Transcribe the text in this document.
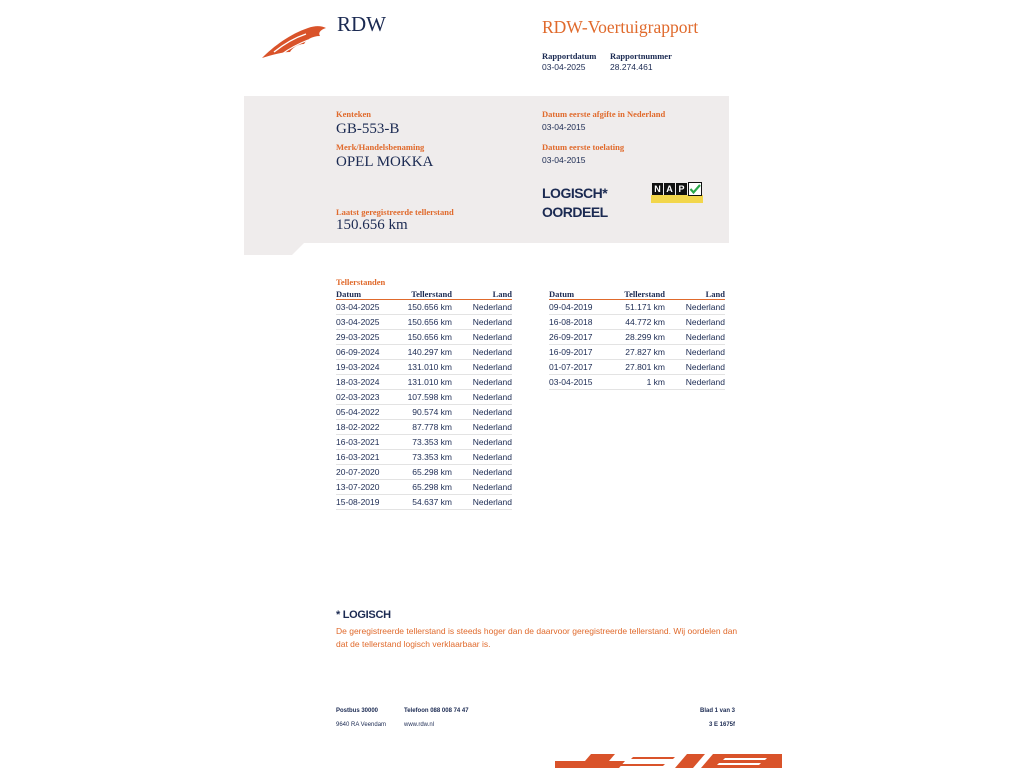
RDW	RDW-Voertuigrapport
Rapportdatum
03-04-2025
Rapportnummer
28.274.461
Kenteken
GB-553-B
Merk/Handelsbenaming
OPEL MOKKA
Laatst geregistreerde tellerstand
150.656 km
Datum eerste afgifte in Nederland
03-04-2015
Datum eerste toelating
03-04-2015
LOGISCH*
OORDEEL
N A P
Tellerstanden
Datum	Tellerstand	Land
03-04-2025	150.656 km	Nederland
03-04-2025	150.656 km	Nederland
29-03-2025	150.656 km	Nederland
06-09-2024	140.297 km	Nederland
19-03-2024	131.010 km	Nederland
18-03-2024	131.010 km	Nederland
02-03-2023	107.598 km	Nederland
05-04-2022	90.574 km	Nederland
18-02-2022	87.778 km	Nederland
16-03-2021	73.353 km	Nederland
16-03-2021	73.353 km	Nederland
20-07-2020	65.298 km	Nederland
13-07-2020	65.298 km	Nederland
15-08-2019	54.637 km	Nederland
Datum	Tellerstand	Land
09-04-2019	51.171 km	Nederland
16-08-2018	44.772 km	Nederland
26-09-2017	28.299 km	Nederland
16-09-2017	27.827 km	Nederland
01-07-2017	27.801 km	Nederland
03-04-2015	1 km	Nederland
* LOGISCH
De geregistreerde tellerstand is steeds hoger dan de daarvoor geregistreerde tellerstand. Wij oordelen dan
dat de tellerstand logisch verklaarbaar is.
Postbus 30000
9640 RA Veendam
Telefoon 088 008 74 47
www.rdw.nl
Blad 1 van 3
3 E 1675f
